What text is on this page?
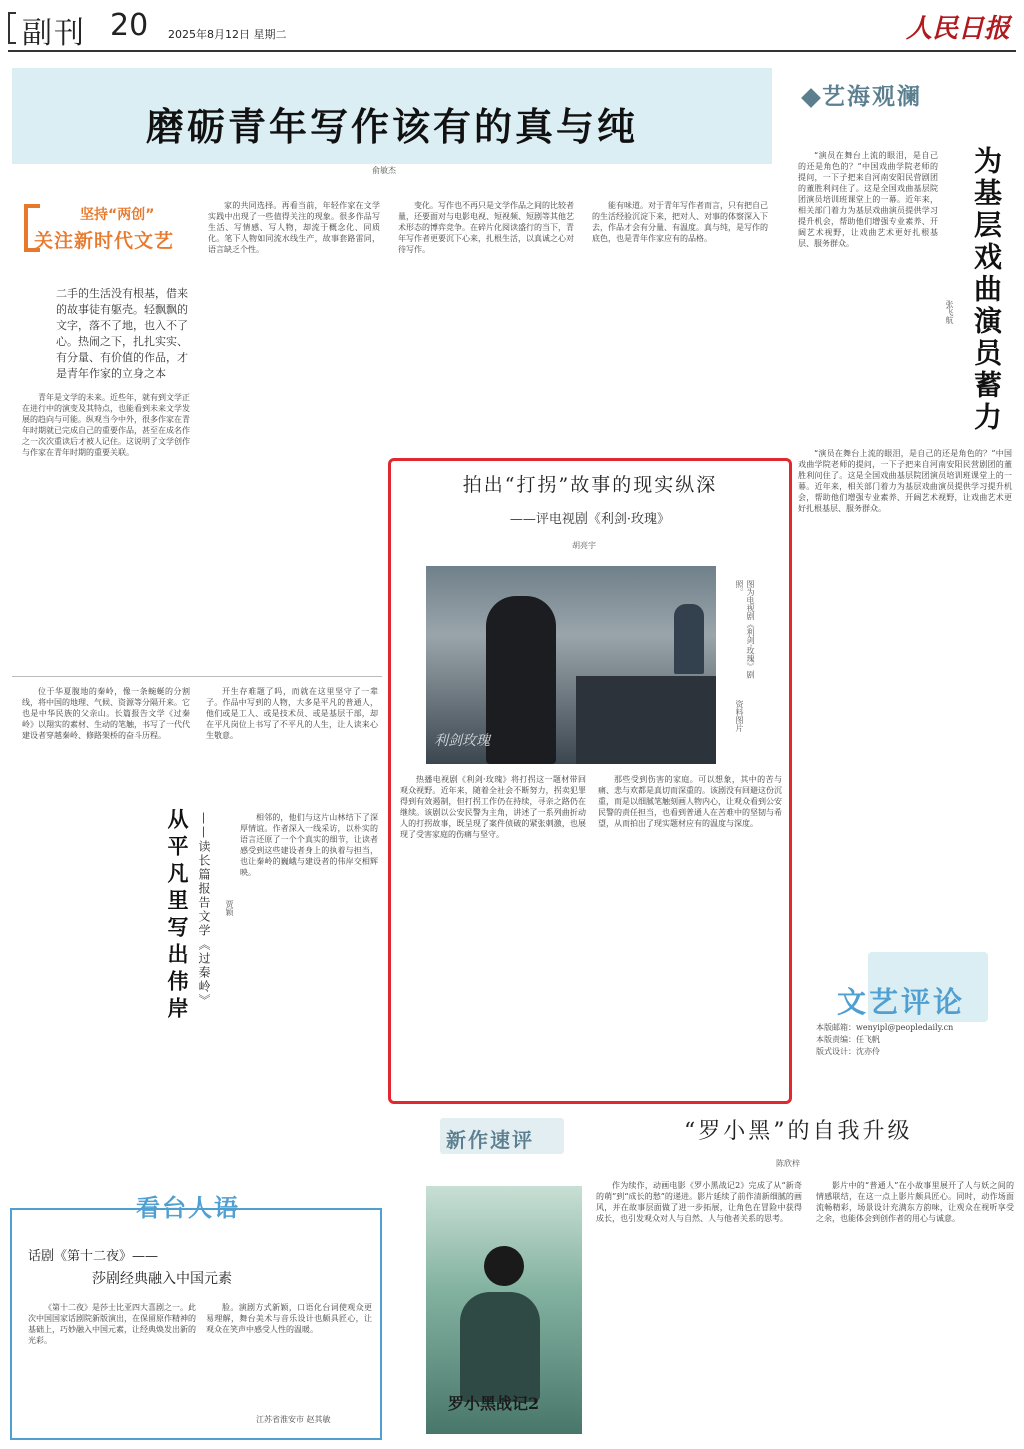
副刊 20 2025年8月12日 星期二	人民日报
磨砺青年写作该有的真与纯
俞敏杰
坚持“两创”
关注新时代文艺
二手的生活没有根基，借来的故事徒有躯壳。轻飘飘的文字，落不了地，也入不了心。热闹之下，扎扎实实、有分量、有价值的作品，才是青年作家的立身之本

青年是文学的未来。近些年，就有到文学正在进行中的演变及其特点，也能看到未来文学发展的趋向与可能。纵观当今中外，很多作家在青年时期就已完成自己的重要作品，甚至在成名作之一次次重读后才被人记住。这说明了文学创作与作家在青年时期的重要关联。

家的共同选择。再看当前，年轻作家在文学实践中出现了一些值得关注的现象。很多作品写生活、写情感、写人物，却流于概念化、同质化。笔下人物如同流水线生产，故事套路雷同，语言缺乏个性。

变化。写作也不再只是文学作品之间的比较者量，还要面对与电影电视、短视频、短剧等其他艺术形态的博弈竞争。在碎片化阅读盛行的当下，青年写作者更要沉下心来，扎根生活，以真诚之心对待写作。

能有味道。对于青年写作者而言，只有把自己的生活经验沉淀下来，把对人、对事的体察深入下去，作品才会有分量、有温度。真与纯，是写作的底色，也是青年作家应有的品格。

艺海观澜
为基层戏曲演员蓄力
张飞航

“演员在舞台上流的眼泪，是自己的还是角色的？”中国戏曲学院老师的提问，一下子把来自河南安阳民营剧团的董胜利问住了。这是全国戏曲基层院团演员培训班课堂上的一幕。近年来，相关部门着力为基层戏曲演员提供学习提升机会，帮助他们增强专业素养、开阔艺术视野，让戏曲艺术更好扎根基层、服务群众。

“演员在舞台上流的眼泪，是自己的还是角色的？”中国戏曲学院老师的提问，一下子把来自河南安阳民营剧团的董胜利问住了。这是全国戏曲基层院团演员培训班课堂上的一幕。近年来，相关部门着力为基层戏曲演员提供学习提升机会，帮助他们增强专业素养、开阔艺术视野，让戏曲艺术更好扎根基层、服务群众。

拍出“打拐”故事的现实纵深
——评电视剧《利剑·玫瑰》
胡亮宇
利剑玫瑰
图为电视剧《利剑·玫瑰》剧照。
资料图片

热播电视剧《利剑·玫瑰》将打拐这一题材带回观众视野。近年来，随着全社会不断努力，拐卖犯罪得到有效遏制，但打拐工作仍在持续，寻亲之路仍在继续。该剧以公安民警为主角，讲述了一系列曲折动人的打拐故事，既呈现了案件侦破的紧张刺激，也展现了受害家庭的伤痛与坚守。

那些受到伤害的家庭。可以想象，其中的苦与痛、悲与欢都是真切而深重的。该剧没有回避这份沉重，而是以细腻笔触刻画人物内心，让观众看到公安民警的责任担当，也看到普通人在苦难中的坚韧与希望，从而拍出了现实题材应有的温度与深度。

位于华夏腹地的秦岭，像一条蜿蜒的分割线，将中国的地理、气候、资源等分隔开来。它也是中华民族的父亲山。长篇报告文学《过秦岭》以翔实的素材、生动的笔触，书写了一代代建设者穿越秦岭、修路架桥的奋斗历程。

从平凡里写出伟岸 ——读长篇报告文学《过秦岭》 贾颖

开生存难题了吗，而就在这里坚守了一辈子。作品中写到的人物，大多是平凡的普通人，他们或是工人、或是技术员、或是基层干部，却在平凡岗位上书写了不平凡的人生，让人读来心生敬意。

相邻的，他们与这片山林结下了深厚情谊。作者深入一线采访，以朴实的语言还原了一个个真实的细节，让读者感受到这些建设者身上的执着与担当，也让秦岭的巍峨与建设者的伟岸交相辉映。

看台人语
话剧《第十二夜》——
莎剧经典融入中国元素

《第十二夜》是莎士比亚四大喜剧之一。此次中国国家话剧院新版演出，在保留原作精神的基础上，巧妙融入中国元素，让经典焕发出新的光彩。

脸。演剧方式新颖，口语化台词使观众更易理解，舞台美术与音乐设计也颇具匠心，让观众在笑声中感受人性的温暖。

江苏省淮安市 赵其敏
文艺评论
本版邮箱：wenyipl@peopledaily.cn
本版责编：任飞帆
版式设计：沈亦伶
新作速评	“罗小黑”的自我升级
陈欣梓
罗小黑战记2

作为续作，动画电影《罗小黑战记2》完成了从“新奇的萌”到“成长的愁”的递进。影片延续了前作清新细腻的画风，并在故事层面做了进一步拓展，让角色在冒险中获得成长，也引发观众对人与自然、人与他者关系的思考。

影片中的“普通人”在小故事里展开了人与妖之间的情感联结，在这一点上影片颇具匠心。同时，动作场面流畅精彩，场景设计充满东方韵味，让观众在视听享受之余，也能体会到创作者的用心与诚意。
